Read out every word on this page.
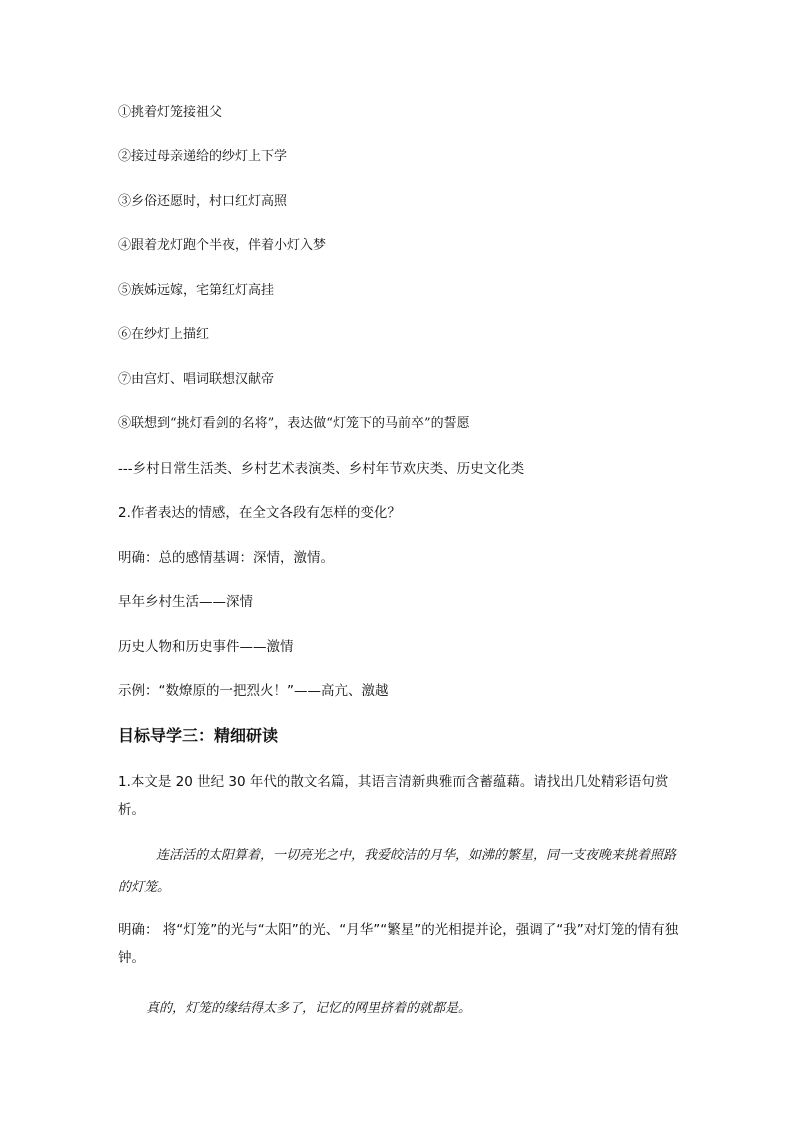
①挑着灯笼接祖父
②接过母亲递给的纱灯上下学
③乡俗还愿时，村口红灯高照
④跟着龙灯跑个半夜，伴着小灯入梦
⑤族姊远嫁，宅第红灯高挂
⑥在纱灯上描红
⑦由宫灯、唱词联想汉献帝
⑧联想到“挑灯看剑的名将”，表达做“灯笼下的马前卒”的誓愿
---乡村日常生活类、乡村艺术表演类、乡村年节欢庆类、历史文化类
2.作者表达的情感，在全文各段有怎样的变化？
明确：总的感情基调：深情，激情。
早年乡村生活——深情
历史人物和历史事件——激情
示例：“数燎原的一把烈火！”——高亢、激越
目标导学三：精细研读
1.本文是 20 世纪 30 年代的散文名篇，其语言清新典雅而含蓄蕴藉。请找出几处精彩语句赏析。
连活活的太阳算着，一切亮光之中，我爱皎洁的月华，如沸的繁星，同一支夜晚来挑着照路的灯笼。
明确： 将“灯笼”的光与“太阳”的光、“月华”“繁星”的光相提并论，强调了“我”对灯笼的情有独钟。
真的，灯笼的缘结得太多了，记忆的网里挤着的就都是。
